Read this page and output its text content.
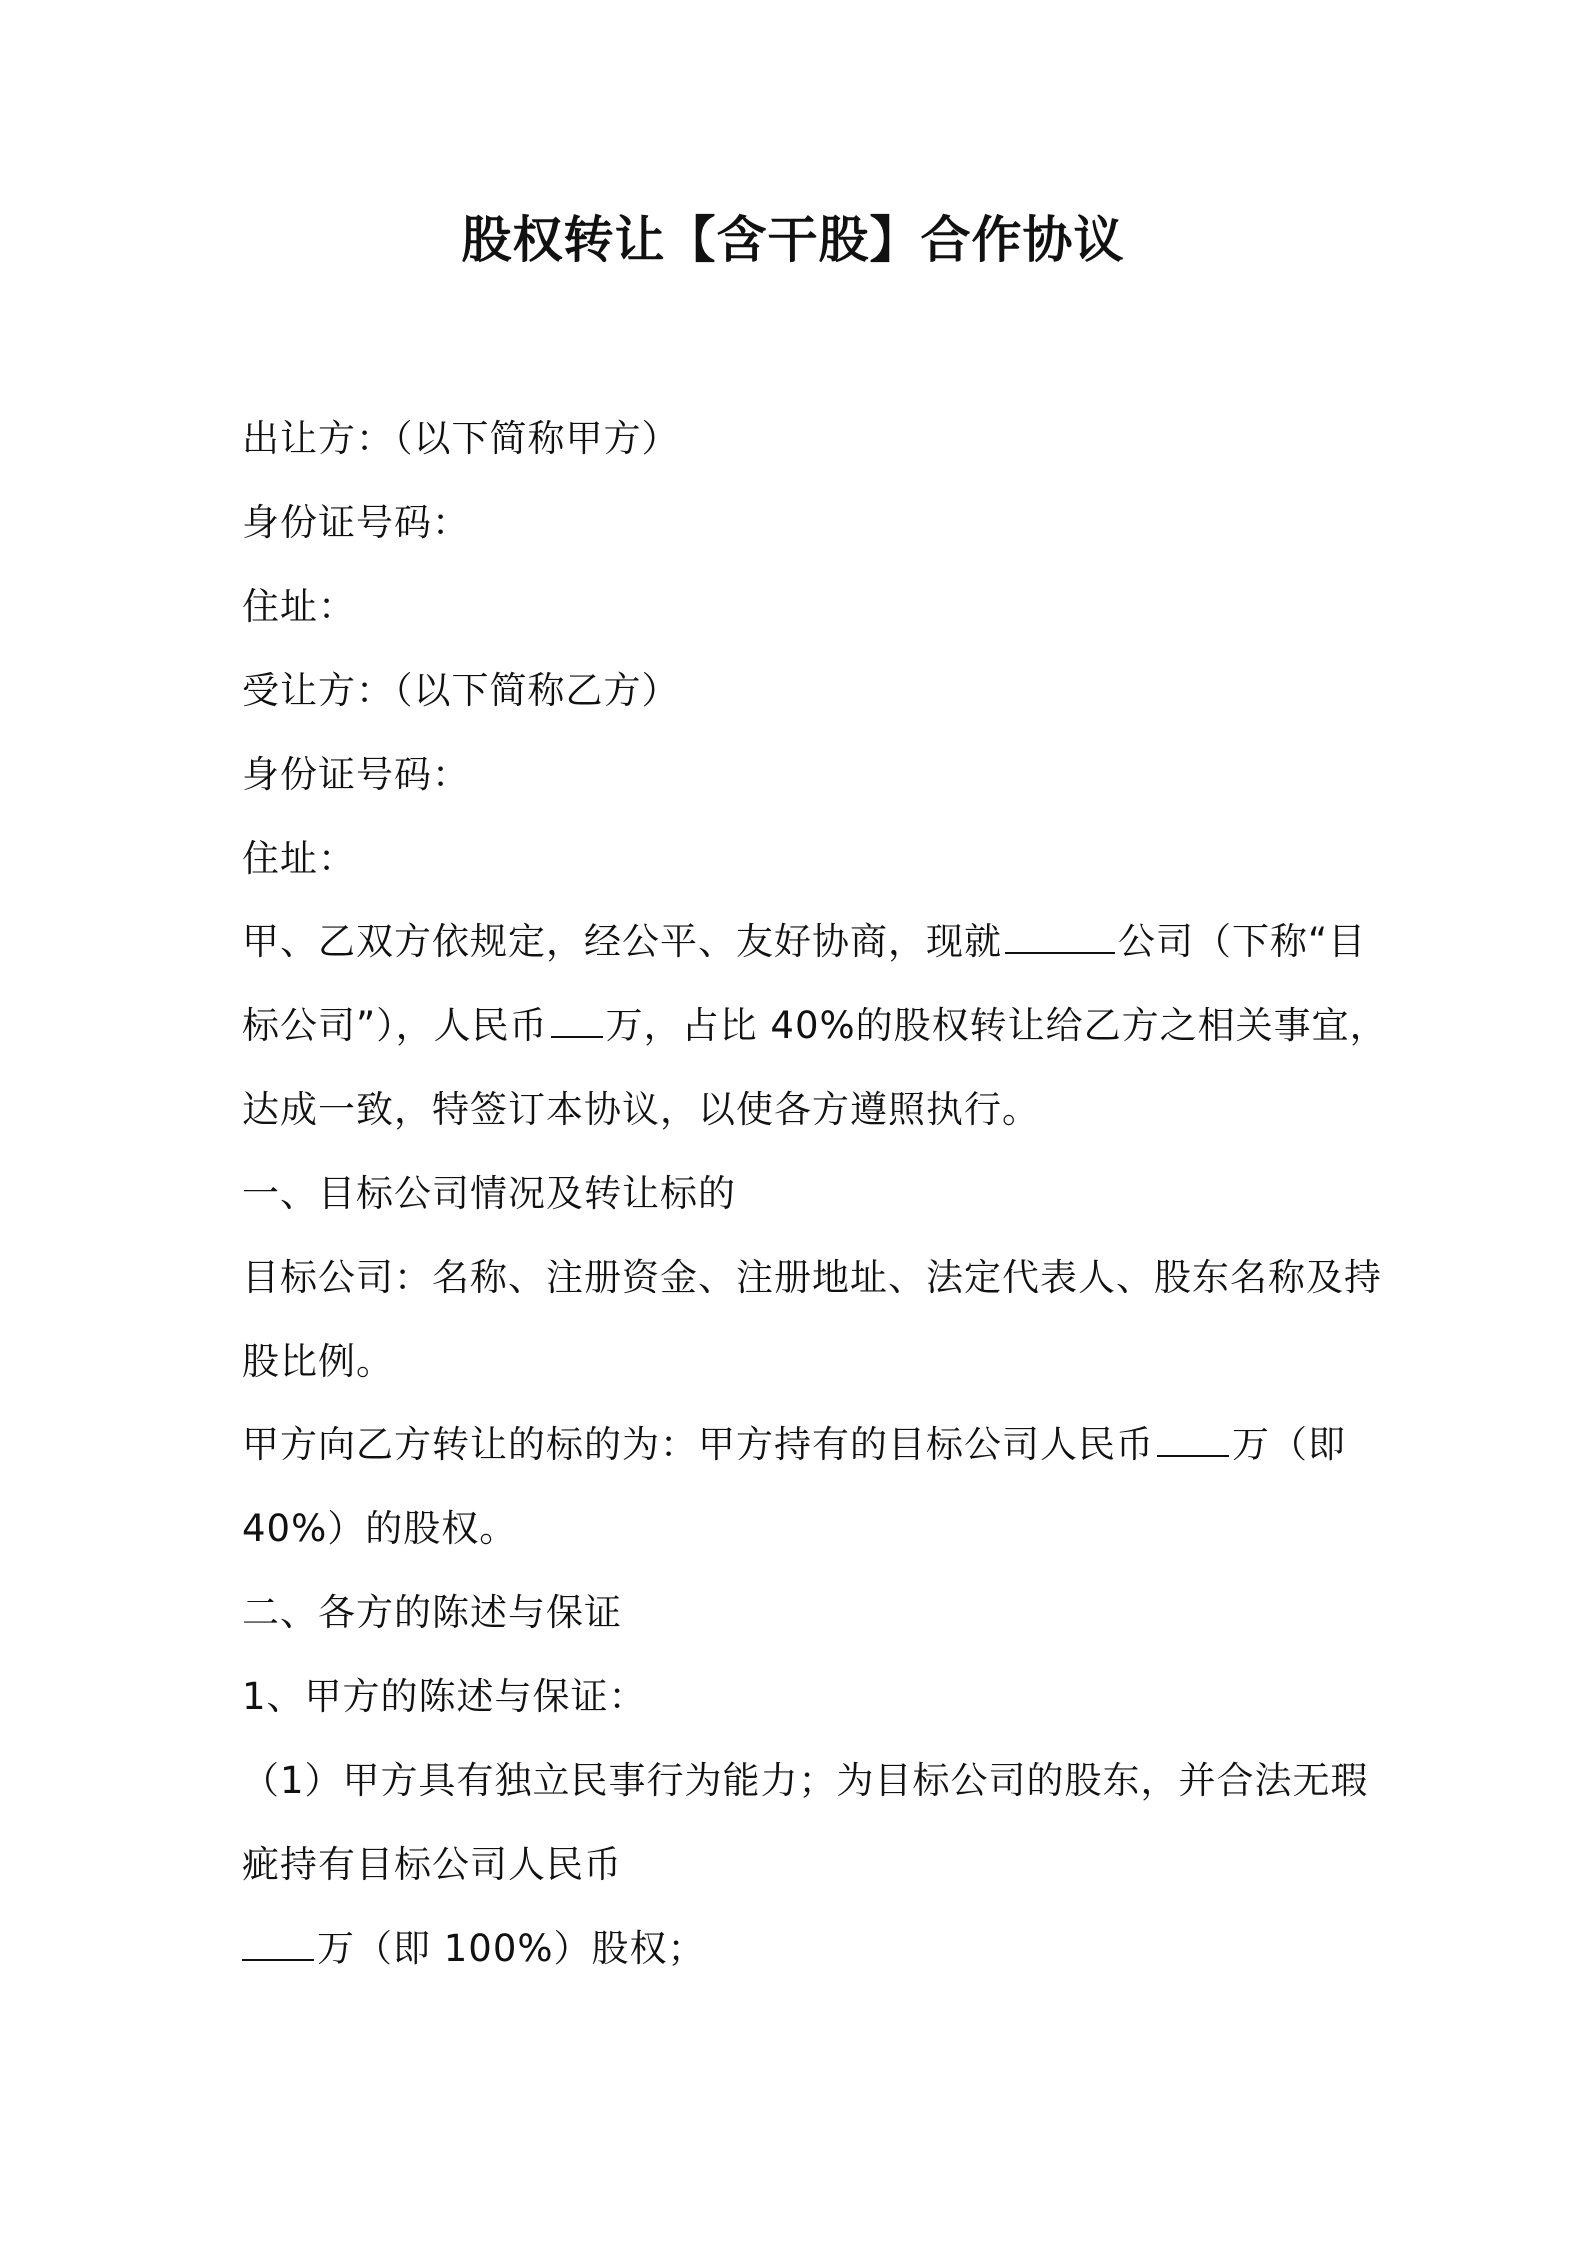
股权转让【含干股】合作协议
出让方：（以下简称甲方）
身份证号码：
住址：
受让方：（以下简称乙方）
身份证号码：
住址：
甲、乙双方依规定，经公平、友好协商，现就	公司（下称“目
标公司”），人民币 万，占比 40%的股权转让给乙方之相关事宜，
达成一致，特签订本协议，以使各方遵照执行。
一、目标公司情况及转让标的
目标公司：名称、注册资金、注册地址、法定代表人、股东名称及持
股比例。
甲方向乙方转让的标的为：甲方持有的目标公司人民币 万（即
40%）的股权。
二、各方的陈述与保证
1、甲方的陈述与保证：
（1）甲方具有独立民事行为能力；为目标公司的股东，并合法无瑕
疵持有目标公司人民币
万（即 100%）股权；
